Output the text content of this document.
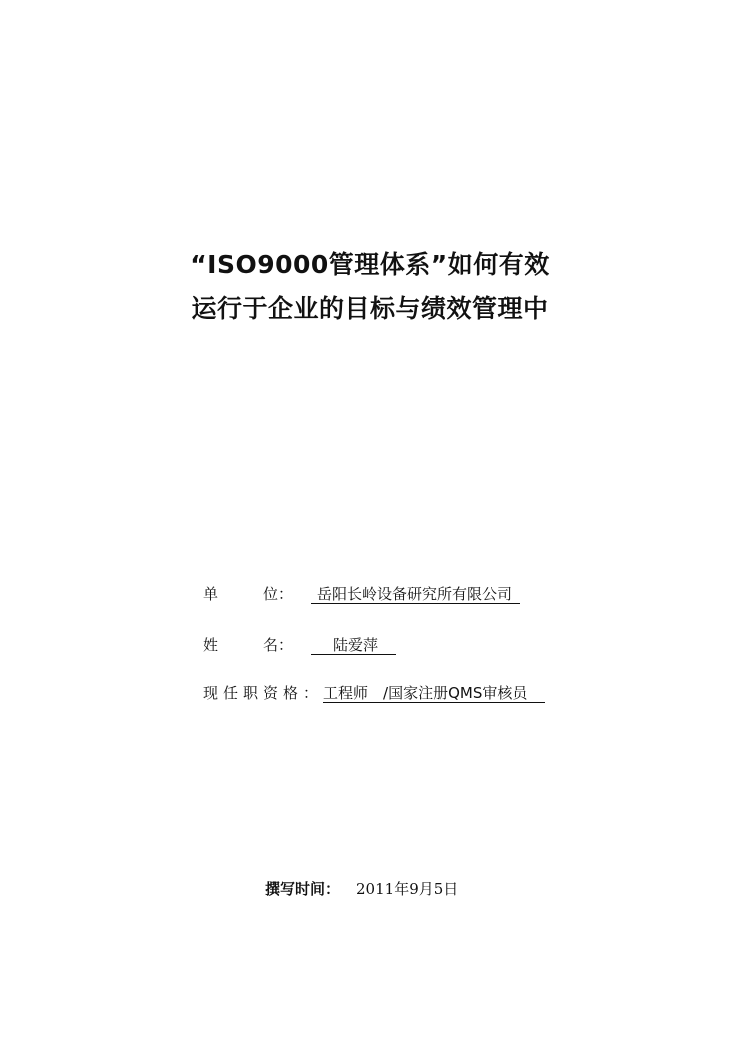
“ISO9000管理体系”如何有效
运行于企业的目标与绩效管理中
单　　　位： 岳阳长岭设备研究所有限公司
姓　　　名：	陆爱萍
现任职资格：工程师　/国家注册QMS审核员
撰写时间： 2011年9月5日
